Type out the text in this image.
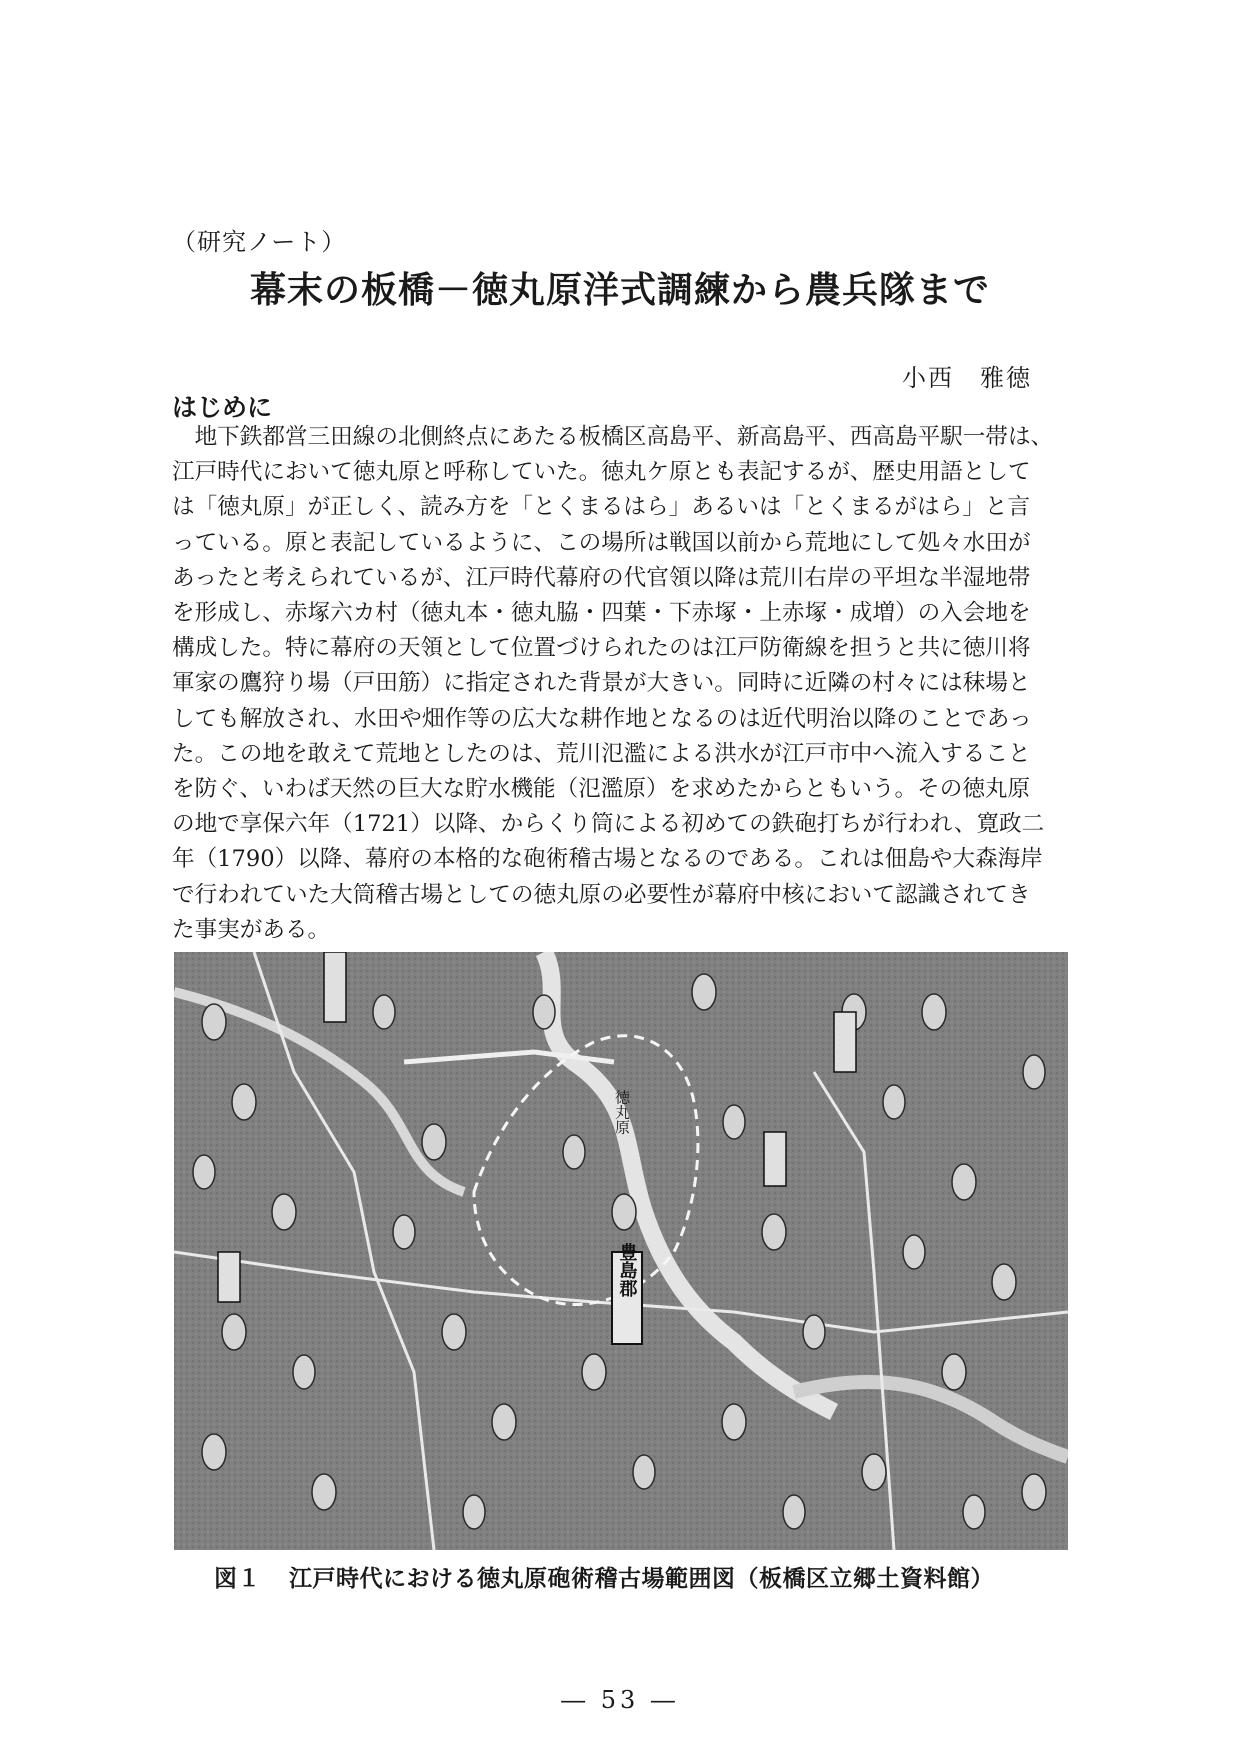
（研究ノート）
幕末の板橋－徳丸原洋式調練から農兵隊まで
小西　雅徳
はじめに
　地下鉄都営三田線の北側終点にあたる板橋区高島平、新高島平、西高島平駅一帯は、
江戸時代において徳丸原と呼称していた。徳丸ケ原とも表記するが、歴史用語として
は「徳丸原」が正しく、読み方を「とくまるはら」あるいは「とくまるがはら」と言
っている。原と表記しているように、この場所は戦国以前から荒地にして処々水田が
あったと考えられているが、江戸時代幕府の代官領以降は荒川右岸の平坦な半湿地帯
を形成し、赤塚六カ村（徳丸本・徳丸脇・四葉・下赤塚・上赤塚・成増）の入会地を
構成した。特に幕府の天領として位置づけられたのは江戸防衛線を担うと共に徳川将
軍家の鷹狩り場（戸田筋）に指定された背景が大きい。同時に近隣の村々には秣場と
しても解放され、水田や畑作等の広大な耕作地となるのは近代明治以降のことであっ
た。この地を敢えて荒地としたのは、荒川氾濫による洪水が江戸市中へ流入すること
を防ぐ、いわば天然の巨大な貯水機能（氾濫原）を求めたからともいう。その徳丸原
の地で享保六年（1721）以降、からくり筒による初めての鉄砲打ちが行われ、寛政二
年（1790）以降、幕府の本格的な砲術稽古場となるのである。これは佃島や大森海岸
で行われていた大筒稽古場としての徳丸原の必要性が幕府中核において認識されてき
た事実がある。
豊島郡
徳丸原
図１ 江戸時代における徳丸原砲術稽古場範囲図（板橋区立郷土資料館）
― 53 ―
